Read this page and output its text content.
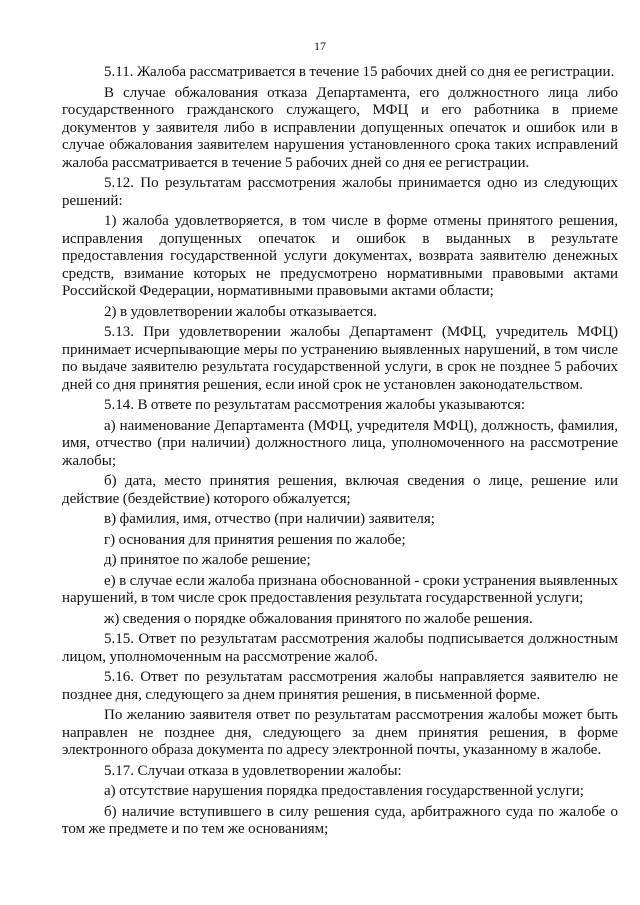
17

5.11. Жалоба рассматривается в течение 15 рабочих дней со дня ее регистрации.

В случае обжалования отказа Департамента, его должностного лица либо государственного гражданского служащего, МФЦ и его работника в приеме документов у заявителя либо в исправлении допущенных опечаток и ошибок или в случае обжалования заявителем нарушения установленного срока таких исправлений жалоба рассматривается в течение 5 рабочих дней со дня ее регистрации.

5.12. По результатам рассмотрения жалобы принимается одно из следующих решений:

1) жалоба удовлетворяется, в том числе в форме отмены принятого решения, исправления допущенных опечаток и ошибок в выданных в результате предоставления государственной услуги документах, возврата заявителю денежных средств, взимание которых не предусмотрено нормативными правовыми актами Российской Федерации, нормативными правовыми актами области;

2) в удовлетворении жалобы отказывается.

5.13. При удовлетворении жалобы Департамент (МФЦ, учредитель МФЦ) принимает исчерпывающие меры по устранению выявленных нарушений, в том числе по выдаче заявителю результата государственной услуги, в срок не позднее 5 рабочих дней со дня принятия решения, если иной срок не установлен законодательством.

5.14. В ответе по результатам рассмотрения жалобы указываются:

а) наименование Департамента (МФЦ, учредителя МФЦ), должность, фамилия, имя, отчество (при наличии) должностного лица, уполномоченного на рассмотрение жалобы;

б) дата, место принятия решения, включая сведения о лице, решение или действие (бездействие) которого обжалуется;

в) фамилия, имя, отчество (при наличии) заявителя;

г) основания для принятия решения по жалобе;

д) принятое по жалобе решение;

е) в случае если жалоба признана обоснованной - сроки устранения выявленных нарушений, в том числе срок предоставления результата государственной услуги;

ж) сведения о порядке обжалования принятого по жалобе решения.

5.15. Ответ по результатам рассмотрения жалобы подписывается должностным лицом, уполномоченным на рассмотрение жалоб.

5.16. Ответ по результатам рассмотрения жалобы направляется заявителю не позднее дня, следующего за днем принятия решения, в письменной форме.

По желанию заявителя ответ по результатам рассмотрения жалобы может быть направлен не позднее дня, следующего за днем принятия решения, в форме электронного образа документа по адресу электронной почты, указанному в жалобе.

5.17. Случаи отказа в удовлетворении жалобы:

а) отсутствие нарушения порядка предоставления государственной услуги;

б) наличие вступившего в силу решения суда, арбитражного суда по жалобе о том же предмете и по тем же основаниям;
